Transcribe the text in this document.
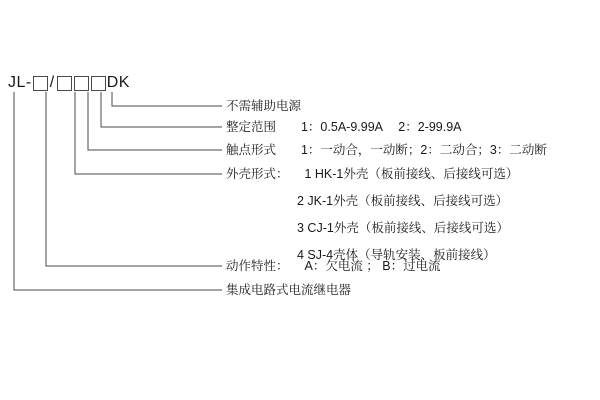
JL- /	DK
不需辅助电源
整定范围 1：0.5A-9.99A 2：2-99.9A
触点形式 1：一动合，一动断；2：二动合；3：二动断
外壳形式： 1 HK-1外壳（板前接线、后接线可选）
2 JK-1外壳（板前接线、后接线可选）
3 CJ-1外壳（板前接线、后接线可选）
4 SJ-4壳体（导轨安装、板前接线）
动作特性： A：欠电流 ； B：过电流
集成电路式电流继电器
